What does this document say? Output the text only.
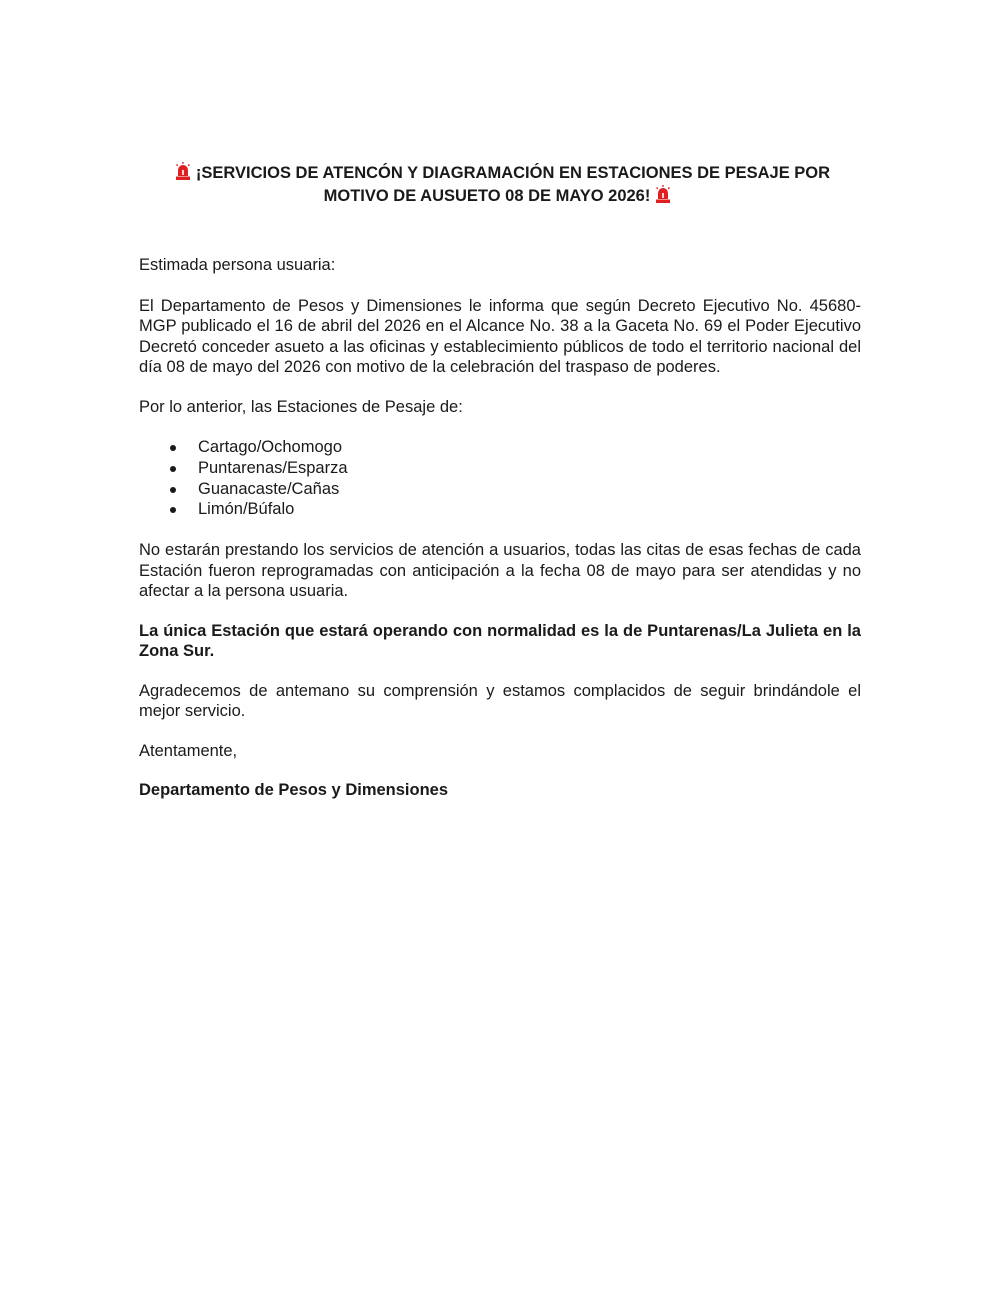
¡SERVICIOS DE ATENCÓN Y DIAGRAMACIÓN EN ESTACIONES DE PESAJE POR
MOTIVO DE AUSUETO 08 DE MAYO 2026!

Estimada persona usuaria:

El Departamento de Pesos y Dimensiones le informa que según Decreto Ejecutivo No. 45680-MGP publicado el 16 de abril del 2026 en el Alcance No. 38 a la Gaceta No. 69 el Poder Ejecutivo Decretó conceder asueto a las oficinas y establecimiento públicos de todo el territorio nacional del día 08 de mayo del 2026 con motivo de la celebración del traspaso de poderes.

Por lo anterior, las Estaciones de Pesaje de:

Cartago/Ochomogo
Puntarenas/Esparza
Guanacaste/Cañas
Limón/Búfalo

No estarán prestando los servicios de atención a usuarios, todas las citas de esas fechas de cada Estación fueron reprogramadas con anticipación a la fecha 08 de mayo para ser atendidas y no afectar a la persona usuaria.

La única Estación que estará operando con normalidad es la de Puntarenas/La Julieta en la Zona Sur.

Agradecemos de antemano su comprensión y estamos complacidos de seguir brindándole el mejor servicio.

Atentamente,

Departamento de Pesos y Dimensiones
